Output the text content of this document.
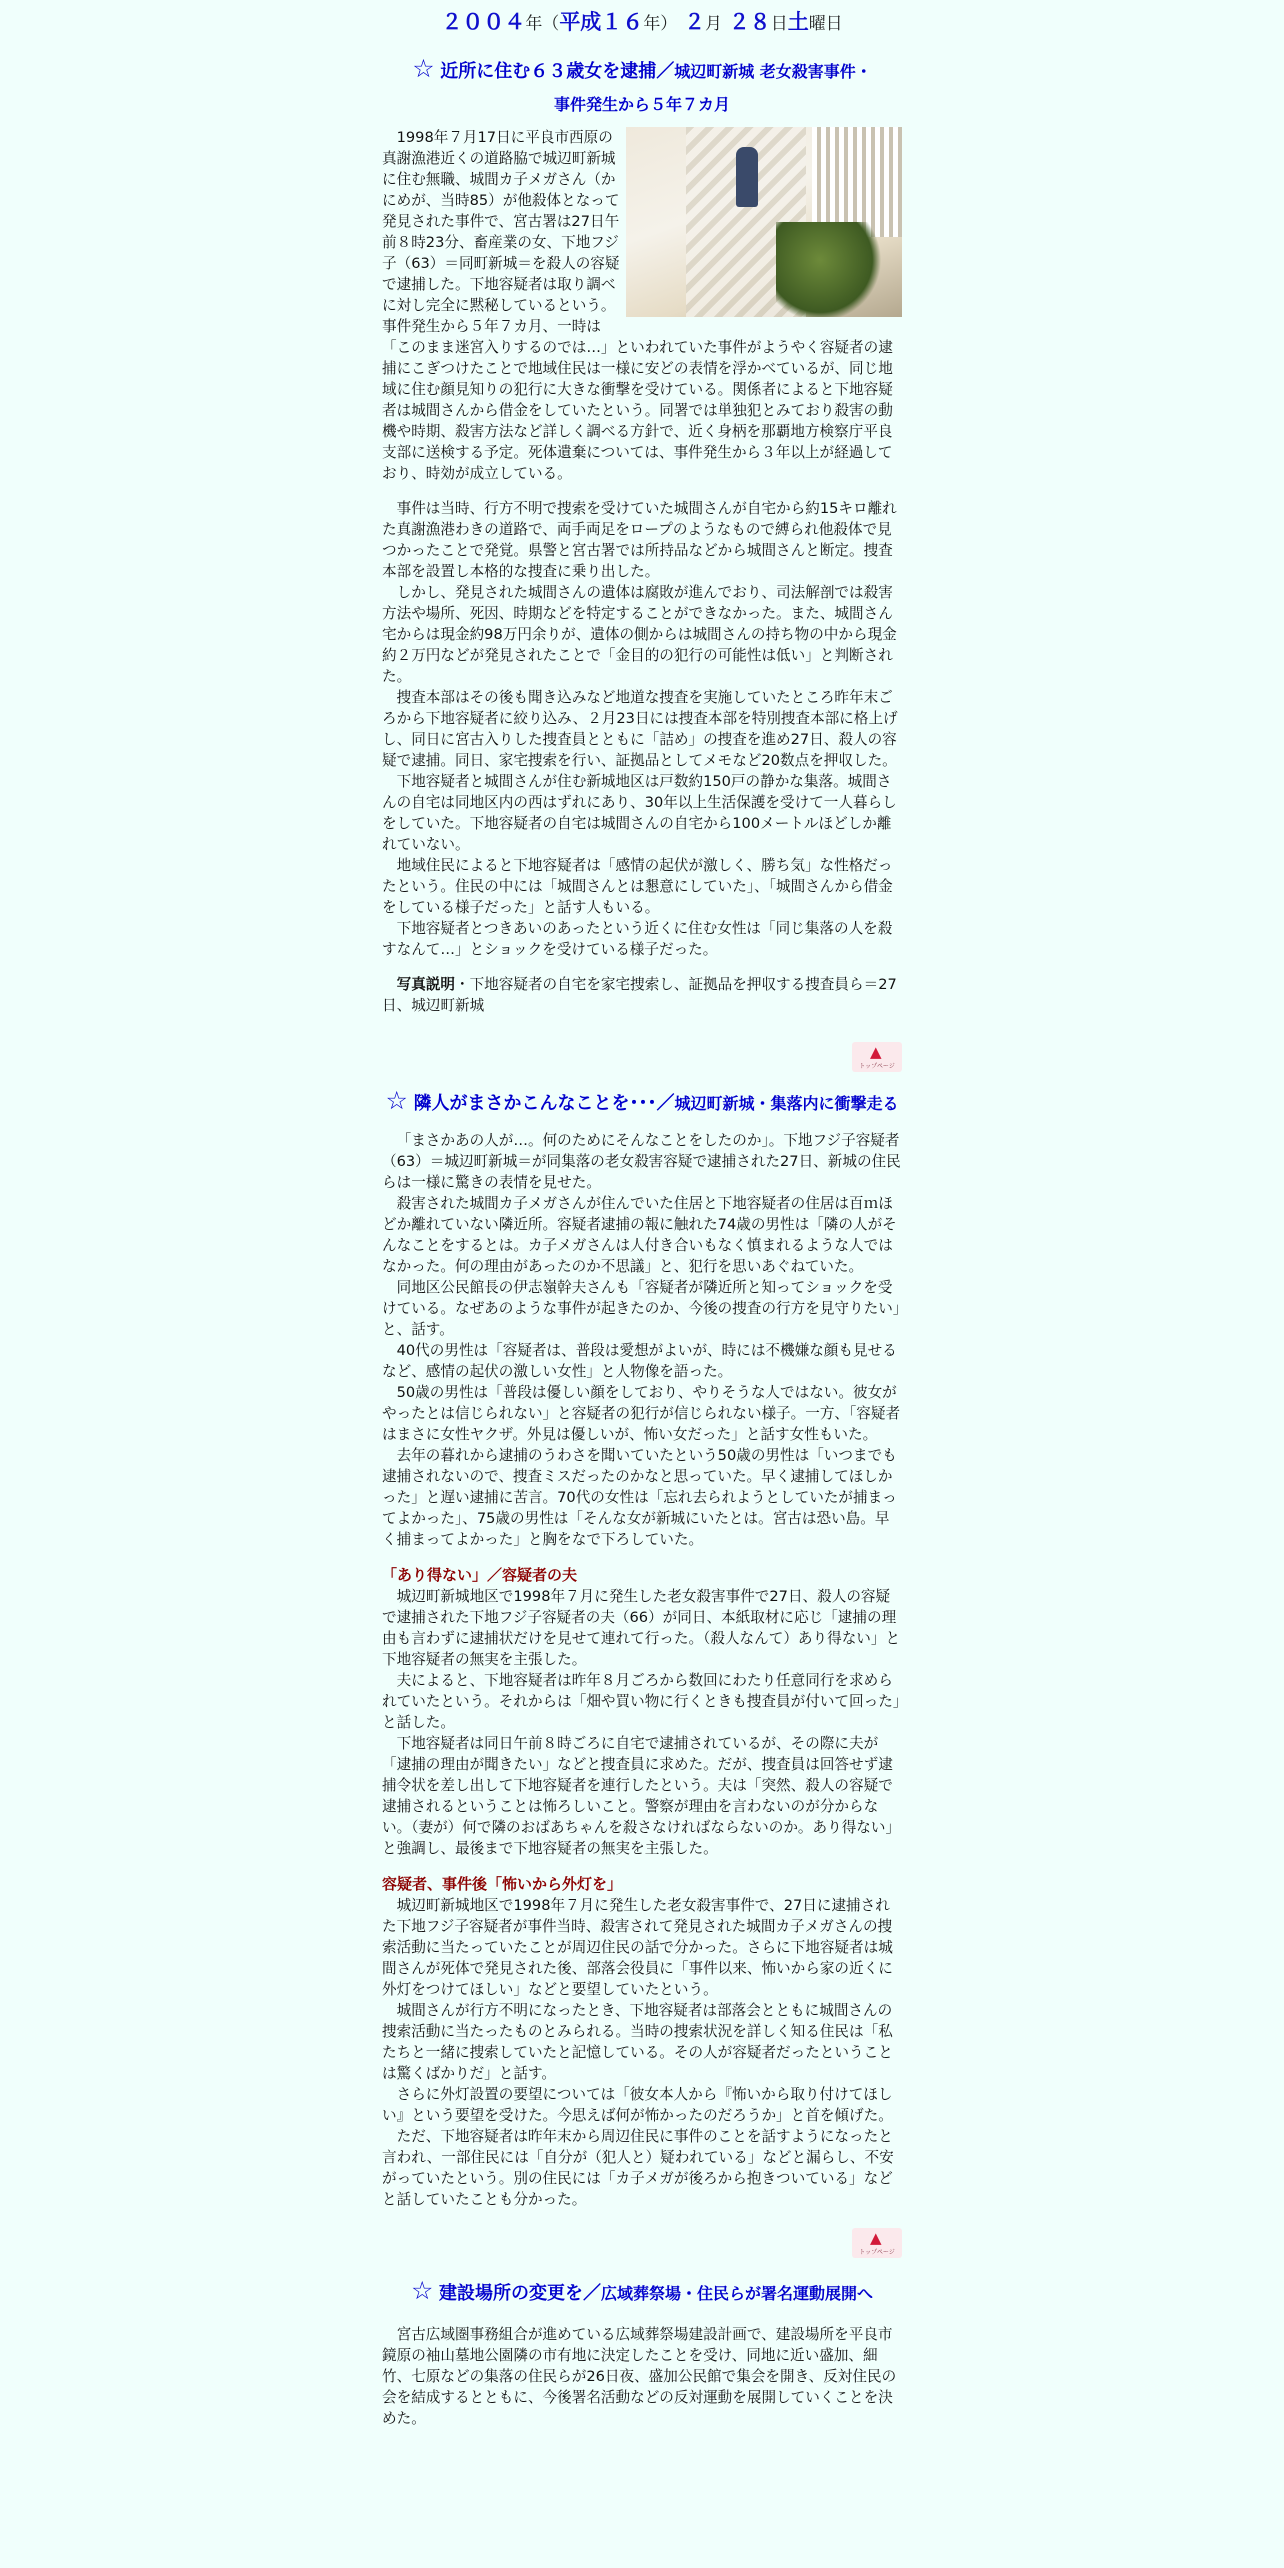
２００４年（平成１６年） ２月 ２８日土曜日

☆ 近所に住む６３歳女を逮捕／城辺町新城 老女殺害事件・
事件発生から５年７カ月

1998年７月17日に平良市西原の真謝漁港近くの道路脇で城辺町新城に住む無職、城間カ子メガさん（かにめが、当時85）が他殺体となって発見された事件で、宮古署は27日午前８時23分、畜産業の女、下地フジ子（63）＝同町新城＝を殺人の容疑で逮捕した。下地容疑者は取り調べに対し完全に黙秘しているという。事件発生から５年７カ月、一時は「このまま迷宮入りするのでは…」といわれていた事件がようやく容疑者の逮捕にこぎつけたことで地域住民は一様に安どの表情を浮かべているが、同じ地域に住む顔見知りの犯行に大きな衝撃を受けている。関係者によると下地容疑者は城間さんから借金をしていたという。同署では単独犯とみており殺害の動機や時期、殺害方法など詳しく調べる方針で、近く身柄を那覇地方検察庁平良支部に送検する予定。死体遺棄については、事件発生から３年以上が経過しており、時効が成立している。

事件は当時、行方不明で捜索を受けていた城間さんが自宅から約15キロ離れた真謝漁港わきの道路で、両手両足をロープのようなもので縛られ他殺体で見つかったことで発覚。県警と宮古署では所持品などから城間さんと断定。捜査本部を設置し本格的な捜査に乗り出した。

しかし、発見された城間さんの遺体は腐敗が進んでおり、司法解剖では殺害方法や場所、死因、時期などを特定することができなかった。また、城間さん宅からは現金約98万円余りが、遺体の側からは城間さんの持ち物の中から現金約２万円などが発見されたことで「金目的の犯行の可能性は低い」と判断された。

捜査本部はその後も聞き込みなど地道な捜査を実施していたところ昨年末ごろから下地容疑者に絞り込み、２月23日には捜査本部を特別捜査本部に格上げし、同日に宮古入りした捜査員とともに「詰め」の捜査を進め27日、殺人の容疑で逮捕。同日、家宅捜索を行い、証拠品としてメモなど20数点を押収した。

下地容疑者と城間さんが住む新城地区は戸数約150戸の静かな集落。城間さんの自宅は同地区内の西はずれにあり、30年以上生活保護を受けて一人暮らしをしていた。下地容疑者の自宅は城間さんの自宅から100メートルほどしか離れていない。

地域住民によると下地容疑者は「感情の起伏が激しく、勝ち気」な性格だったという。住民の中には「城間さんとは懇意にしていた」、「城間さんから借金をしている様子だった」と話す人もいる。

下地容疑者とつきあいのあったという近くに住む女性は「同じ集落の人を殺すなんて…」とショックを受けている様子だった。

写真説明・下地容疑者の自宅を家宅捜索し、証拠品を押収する捜査員ら＝27日、城辺町新城

▲
トップページ
☆ 隣人がまさかこんなことを･･･／城辺町新城・集落内に衝撃走る

「まさかあの人が…。何のためにそんなことをしたのか」。下地フジ子容疑者（63）＝城辺町新城＝が同集落の老女殺害容疑で逮捕された27日、新城の住民らは一様に驚きの表情を見せた。

殺害された城間カ子メガさんが住んでいた住居と下地容疑者の住居は百ｍほどか離れていない隣近所。容疑者逮捕の報に触れた74歳の男性は「隣の人がそんなことをするとは。カ子メガさんは人付き合いもなく慎まれるような人ではなかった。何の理由があったのか不思議」と、犯行を思いあぐねていた。

同地区公民館長の伊志嶺幹夫さんも「容疑者が隣近所と知ってショックを受けている。なぜあのような事件が起きたのか、今後の捜査の行方を見守りたい」と、話す。

40代の男性は「容疑者は、普段は愛想がよいが、時には不機嫌な顔も見せるなど、感情の起伏の激しい女性」と人物像を語った。

50歳の男性は「普段は優しい顔をしており、やりそうな人ではない。彼女がやったとは信じられない」と容疑者の犯行が信じられない様子。一方、「容疑者はまさに女性ヤクザ。外見は優しいが、怖い女だった」と話す女性もいた。

去年の暮れから逮捕のうわさを聞いていたという50歳の男性は「いつまでも逮捕されないので、捜査ミスだったのかなと思っていた。早く逮捕してほしかった」と遅い逮捕に苦言。70代の女性は「忘れ去られようとしていたが捕まってよかった」、75歳の男性は「そんな女が新城にいたとは。宮古は恐い島。早く捕まってよかった」と胸をなで下ろしていた。

「あり得ない」／容疑者の夫

城辺町新城地区で1998年７月に発生した老女殺害事件で27日、殺人の容疑で逮捕された下地フジ子容疑者の夫（66）が同日、本紙取材に応じ「逮捕の理由も言わずに逮捕状だけを見せて連れて行った。（殺人なんて）あり得ない」と下地容疑者の無実を主張した。

夫によると、下地容疑者は昨年８月ごろから数回にわたり任意同行を求められていたという。それからは「畑や買い物に行くときも捜査員が付いて回った」と話した。

下地容疑者は同日午前８時ごろに自宅で逮捕されているが、その際に夫が「逮捕の理由が聞きたい」などと捜査員に求めた。だが、捜査員は回答せず逮捕令状を差し出して下地容疑者を連行したという。夫は「突然、殺人の容疑で逮捕されるということは怖ろしいこと。警察が理由を言わないのが分からない。（妻が）何で隣のおばあちゃんを殺さなければならないのか。あり得ない」と強調し、最後まで下地容疑者の無実を主張した。

容疑者、事件後「怖いから外灯を」

城辺町新城地区で1998年７月に発生した老女殺害事件で、27日に逮捕された下地フジ子容疑者が事件当時、殺害されて発見された城間カ子メガさんの捜索活動に当たっていたことが周辺住民の話で分かった。さらに下地容疑者は城間さんが死体で発見された後、部落会役員に「事件以来、怖いから家の近くに外灯をつけてほしい」などと要望していたという。

城間さんが行方不明になったとき、下地容疑者は部落会とともに城間さんの捜索活動に当たったものとみられる。当時の捜索状況を詳しく知る住民は「私たちと一緒に捜索していたと記憶している。その人が容疑者だったということは驚くばかりだ」と話す。

さらに外灯設置の要望については「彼女本人から『怖いから取り付けてほしい』という要望を受けた。今思えば何が怖かったのだろうか」と首を傾げた。

ただ、下地容疑者は昨年末から周辺住民に事件のことを話すようになったと言われ、一部住民には「自分が（犯人と）疑われている」などと漏らし、不安がっていたという。別の住民には「カ子メガが後ろから抱きついている」などと話していたことも分かった。

▲
トップページ
☆ 建設場所の変更を／広域葬祭場・住民らが署名運動展開へ

宮古広域圏事務組合が進めている広域葬祭場建設計画で、建設場所を平良市鏡原の袖山墓地公園隣の市有地に決定したことを受け、同地に近い盛加、細竹、七原などの集落の住民らが26日夜、盛加公民館で集会を開き、反対住民の会を結成するとともに、今後署名活動などの反対運動を展開していくことを決めた。
